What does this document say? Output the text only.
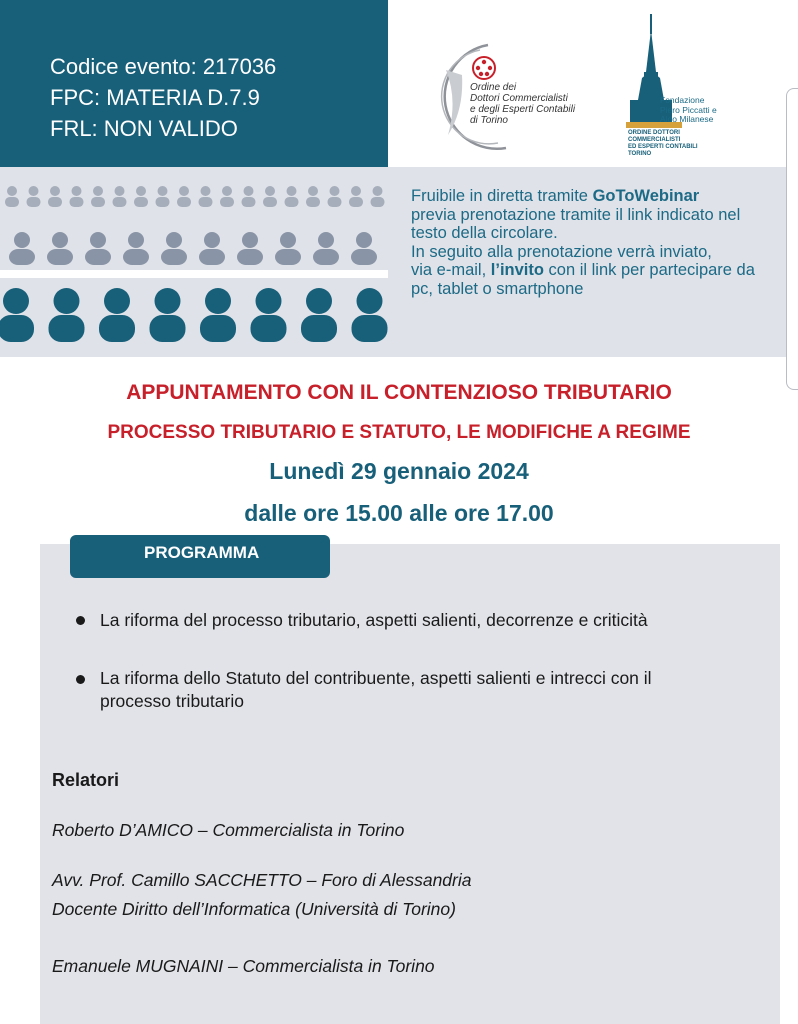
Codice evento: 217036
FPC: MATERIA D.7.9
FRL: NON VALIDO
Ordine dei
Dottori Commercialisti
e degli Esperti Contabili
di Torino
Fondazione
Piero Piccatti e
Aldo Milanese
ORDINE DOTTORI
COMMERCIALISTI
ED ESPERTI CONTABILI
TORINO
Fruibile in diretta tramite GoToWebinar
previa prenotazione tramite il link indicato nel
testo della circolare.
In seguito alla prenotazione verrà inviato,
via e-mail, l’invito con il link per partecipare da
pc, tablet o smartphone
APPUNTAMENTO CON IL CONTENZIOSO TRIBUTARIO
PROCESSO TRIBUTARIO E STATUTO, LE MODIFICHE A REGIME
Lunedì 29 gennaio 2024
dalle ore 15.00 alle ore 17.00
PROGRAMMA
La riforma del processo tributario, aspetti salienti, decorrenze e criticità
La riforma dello Statuto del contribuente, aspetti salienti e intrecci con il
processo tributario
Relatori
Roberto D’AMICO – Commercialista in Torino
Avv. Prof. Camillo SACCHETTO – Foro di Alessandria
Docente Diritto dell’Informatica (Università di Torino)
Emanuele MUGNAINI – Commercialista in Torino
